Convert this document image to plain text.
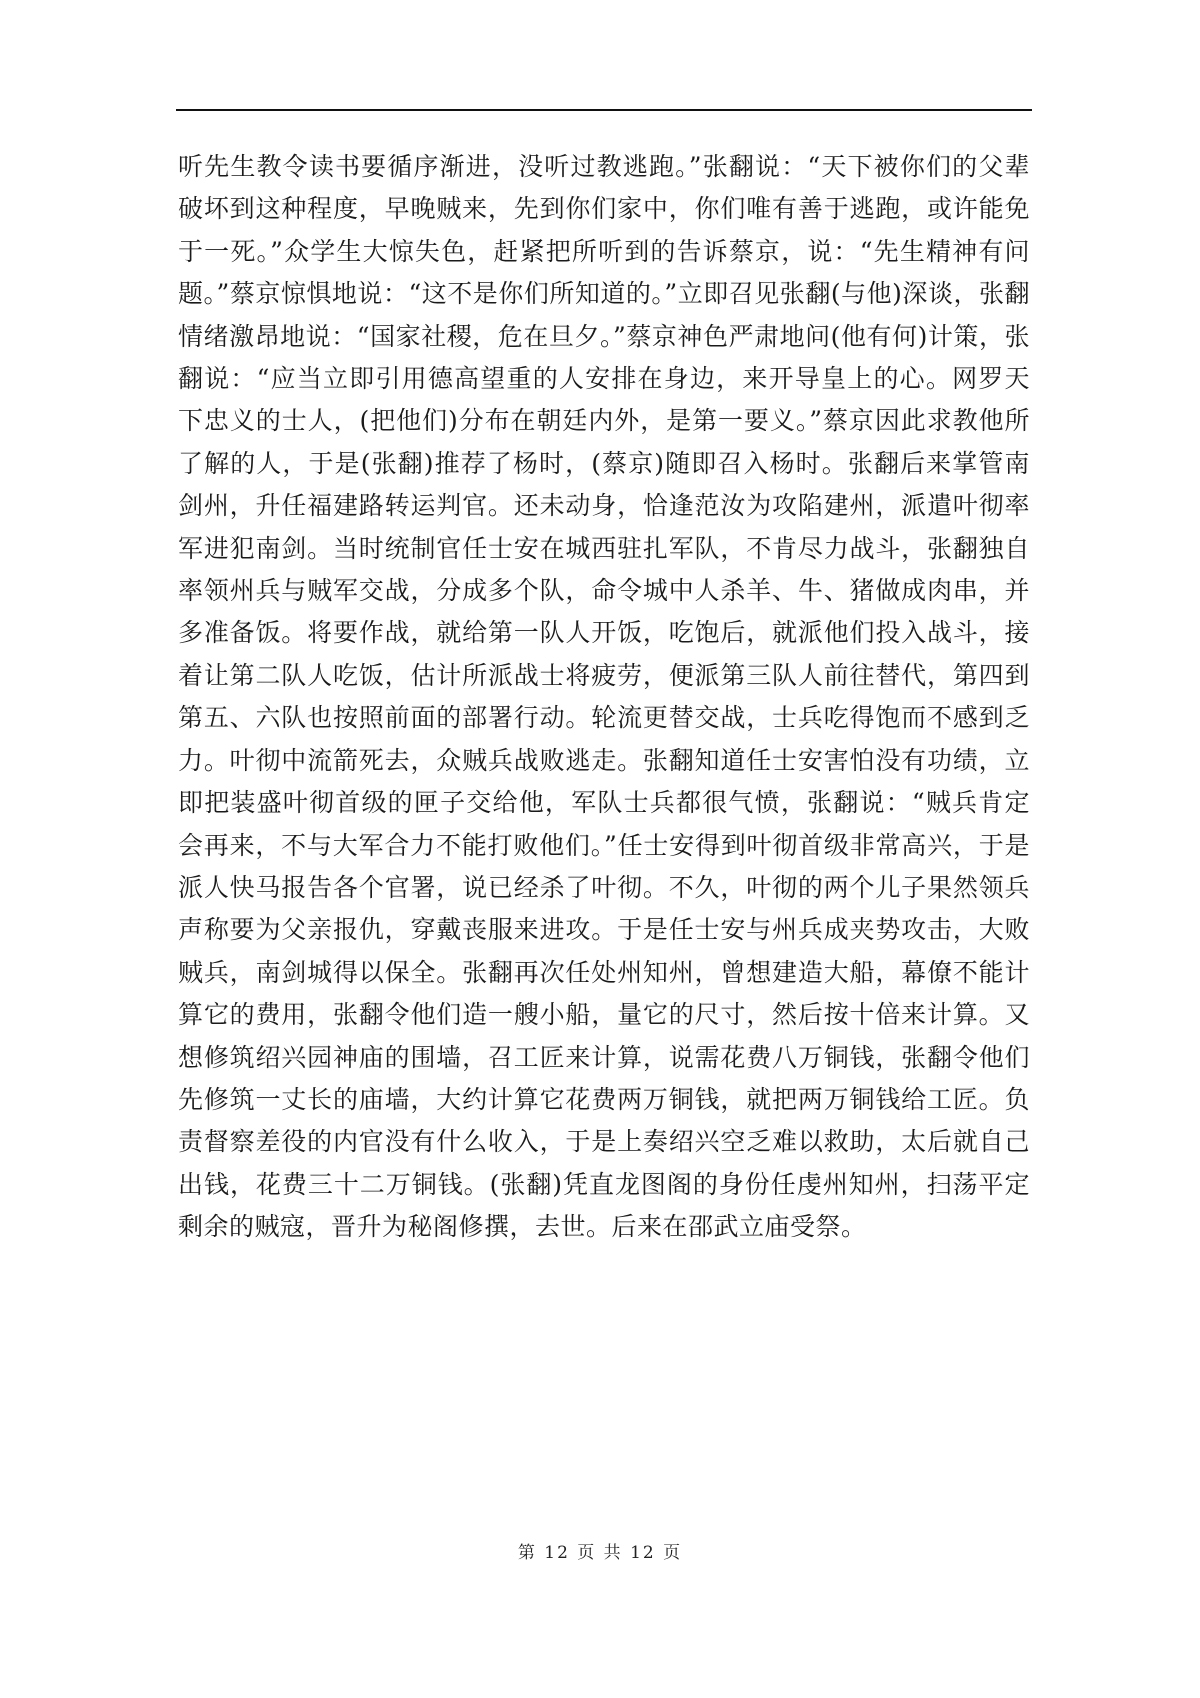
听先生教令读书要循序渐进，没听过教逃跑。”张翻说：“天下被你们的父辈破坏到这种程度，早晚贼来，先到你们家中，你们唯有善于逃跑，或许能免于一死。”众学生大惊失色，赶紧把所听到的告诉蔡京，说：“先生精神有问题。”蔡京惊惧地说：“这不是你们所知道的。”立即召见张翻(与他)深谈，张翻情绪激昂地说：“国家社稷，危在旦夕。”蔡京神色严肃地问(他有何)计策，张翻说：“应当立即引用德高望重的人安排在身边，来开导皇上的心。网罗天下忠义的士人，(把他们)分布在朝廷内外，是第一要义。”蔡京因此求教他所了解的人，于是(张翻)推荐了杨时，(蔡京)随即召入杨时。张翻后来掌管南剑州，升任福建路转运判官。还未动身，恰逢范汝为攻陷建州，派遣叶彻率军进犯南剑。当时统制官任士安在城西驻扎军队，不肯尽力战斗，张翻独自率领州兵与贼军交战，分成多个队，命令城中人杀羊、牛、猪做成肉串，并多准备饭。将要作战，就给第一队人开饭，吃饱后，就派他们投入战斗，接着让第二队人吃饭，估计所派战士将疲劳，便派第三队人前往替代，第四到第五、六队也按照前面的部署行动。轮流更替交战，士兵吃得饱而不感到乏力。叶彻中流箭死去，众贼兵战败逃走。张翻知道任士安害怕没有功绩，立即把装盛叶彻首级的匣子交给他，军队士兵都很气愤，张翻说：“贼兵肯定会再来，不与大军合力不能打败他们。”任士安得到叶彻首级非常高兴，于是派人快马报告各个官署，说已经杀了叶彻。不久，叶彻的两个儿子果然领兵声称要为父亲报仇，穿戴丧服来进攻。于是任士安与州兵成夹势攻击，大败贼兵，南剑城得以保全。张翻再次任处州知州，曾想建造大船，幕僚不能计算它的费用，张翻令他们造一艘小船，量它的尺寸，然后按十倍来计算。又想修筑绍兴园神庙的围墙，召工匠来计算，说需花费八万铜钱，张翻令他们先修筑一丈长的庙墙，大约计算它花费两万铜钱，就把两万铜钱给工匠。负责督察差役的内官没有什么收入，于是上奏绍兴空乏难以救助，太后就自己出钱，花费三十二万铜钱。(张翻)凭直龙图阁的身份任虔州知州，扫荡平定剩余的贼寇，晋升为秘阁修撰，去世。后来在邵武立庙受祭。

第 12 页 共 12 页
